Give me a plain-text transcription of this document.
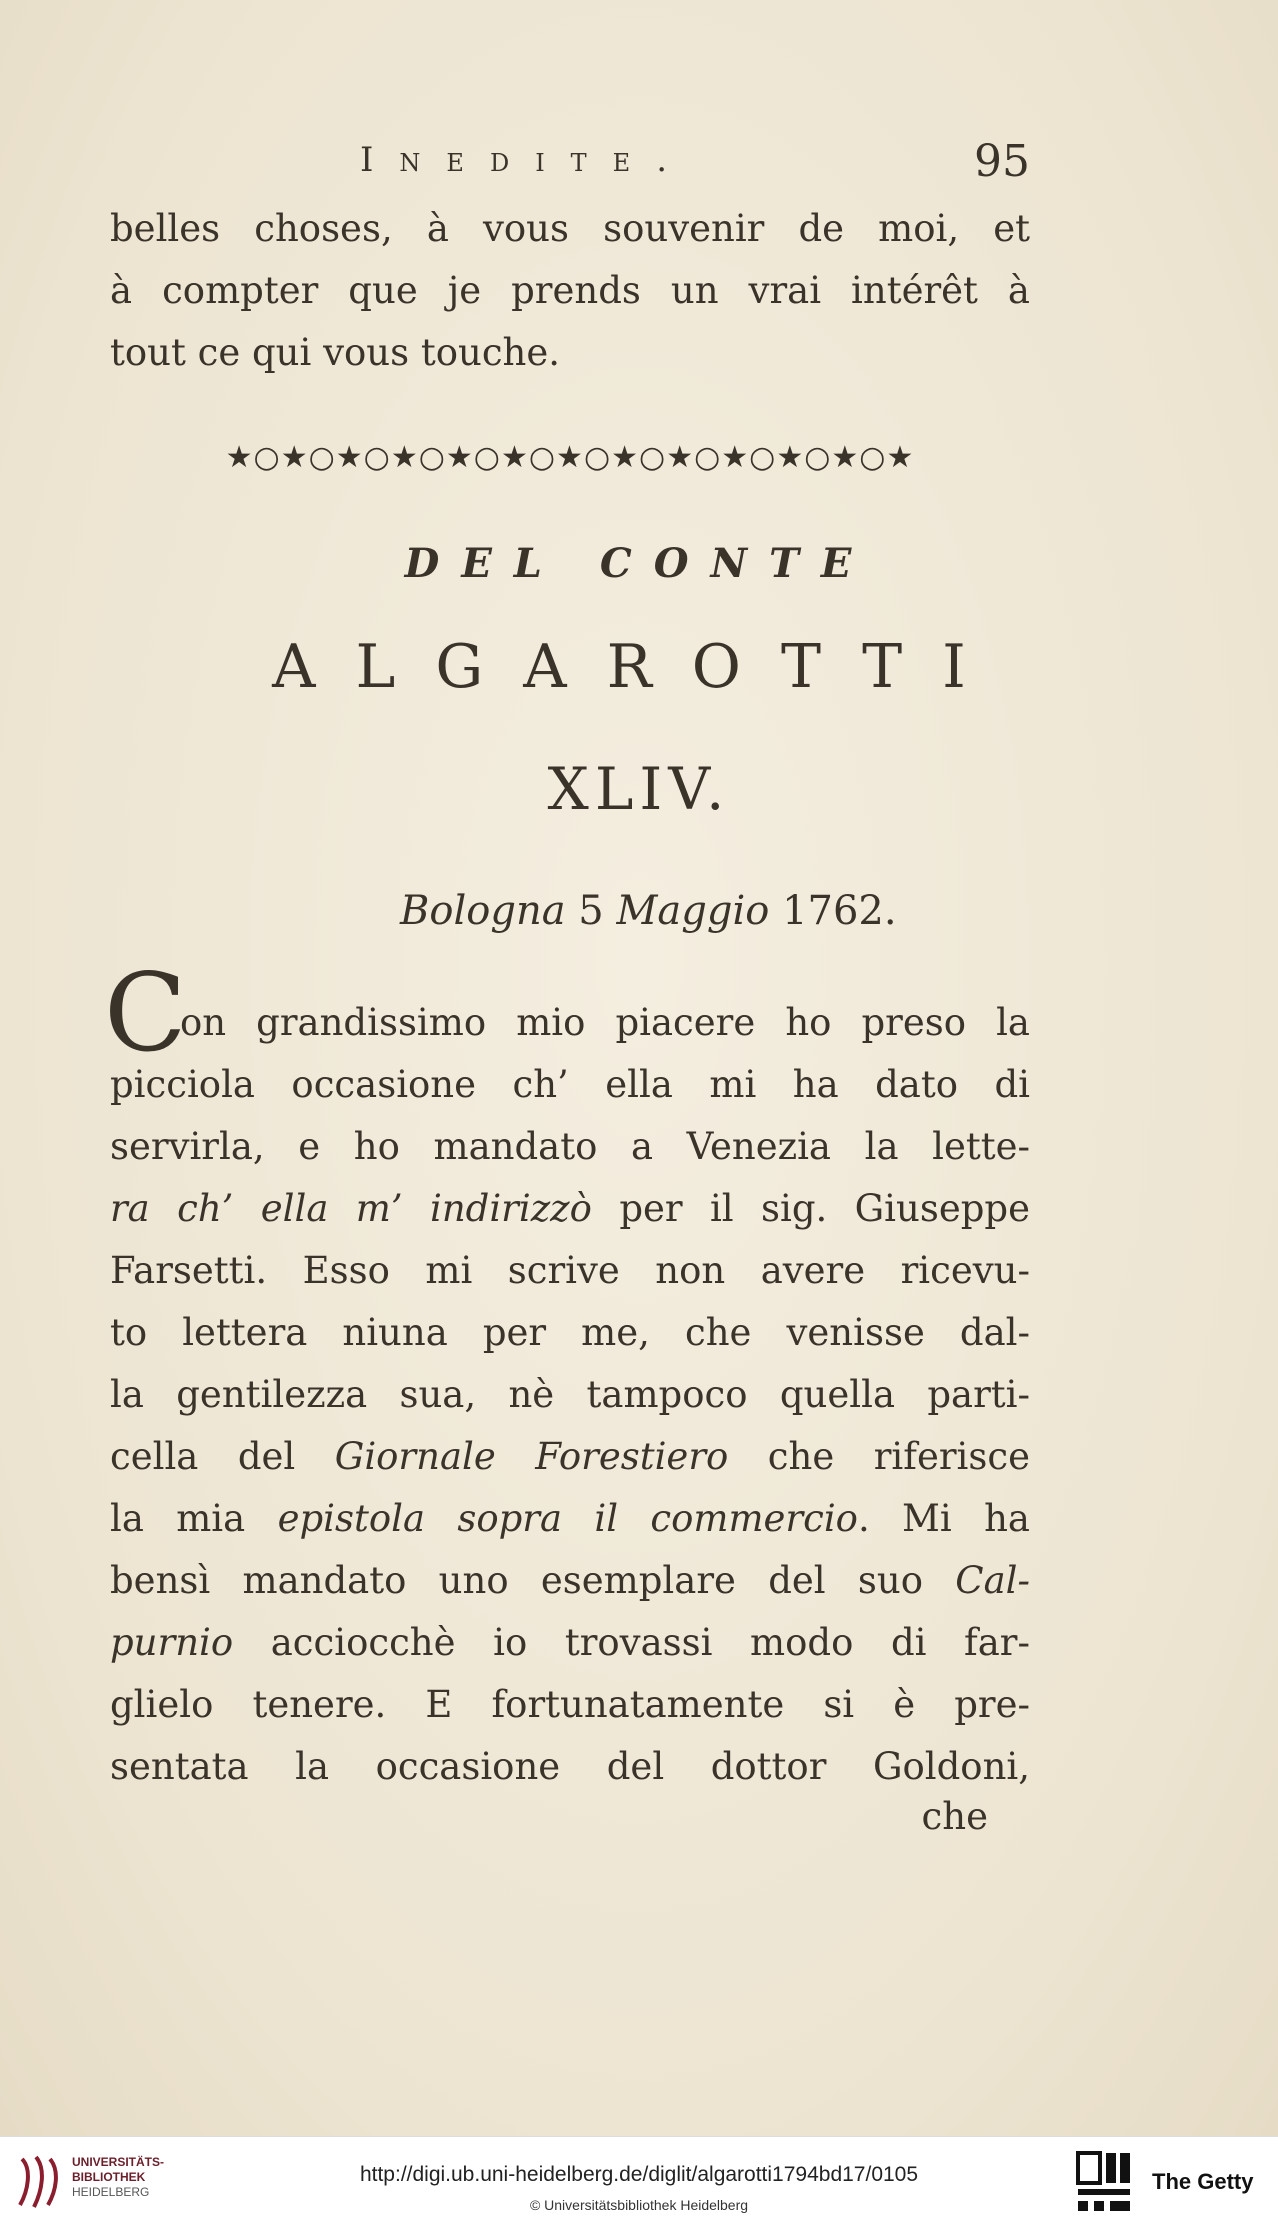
Inedite.	95
belles choses, à vous souvenir de moi, et
à compter que je prends un vrai intérêt à
tout ce qui vous touche.
★○★○★○★○★○★○★○★○★○★○★○★○★
DEL CONTE
ALGAROTTI
XLIV.
Bologna 5 Maggio 1762.
C
on grandissimo mio piacere ho preso la
picciola occasione ch’ ella mi ha dato di
servirla, e ho mandato a Venezia la lette-
ra ch’ ella m’ indirizzò per il sig. Giuseppe
Farsetti. Esso mi scrive non avere ricevu-
to lettera niuna per me, che venisse dal-
la gentilezza sua, nè tampoco quella parti-
cella del Giornale Forestiero che riferisce
la mia epistola sopra il commercio. Mi ha
bensì mandato uno esemplare del suo Cal-
purnio acciocchè io trovassi modo di far-
glielo tenere. E fortunatamente si è pre-
sentata la occasione del dottor Goldoni,
che
UNIVERSITÄTS-
BIBLIOTHEK
HEIDELBERG
http://digi.ub.uni-heidelberg.de/diglit/algarotti1794bd17/0105
© Universitätsbibliothek Heidelberg
The Getty
